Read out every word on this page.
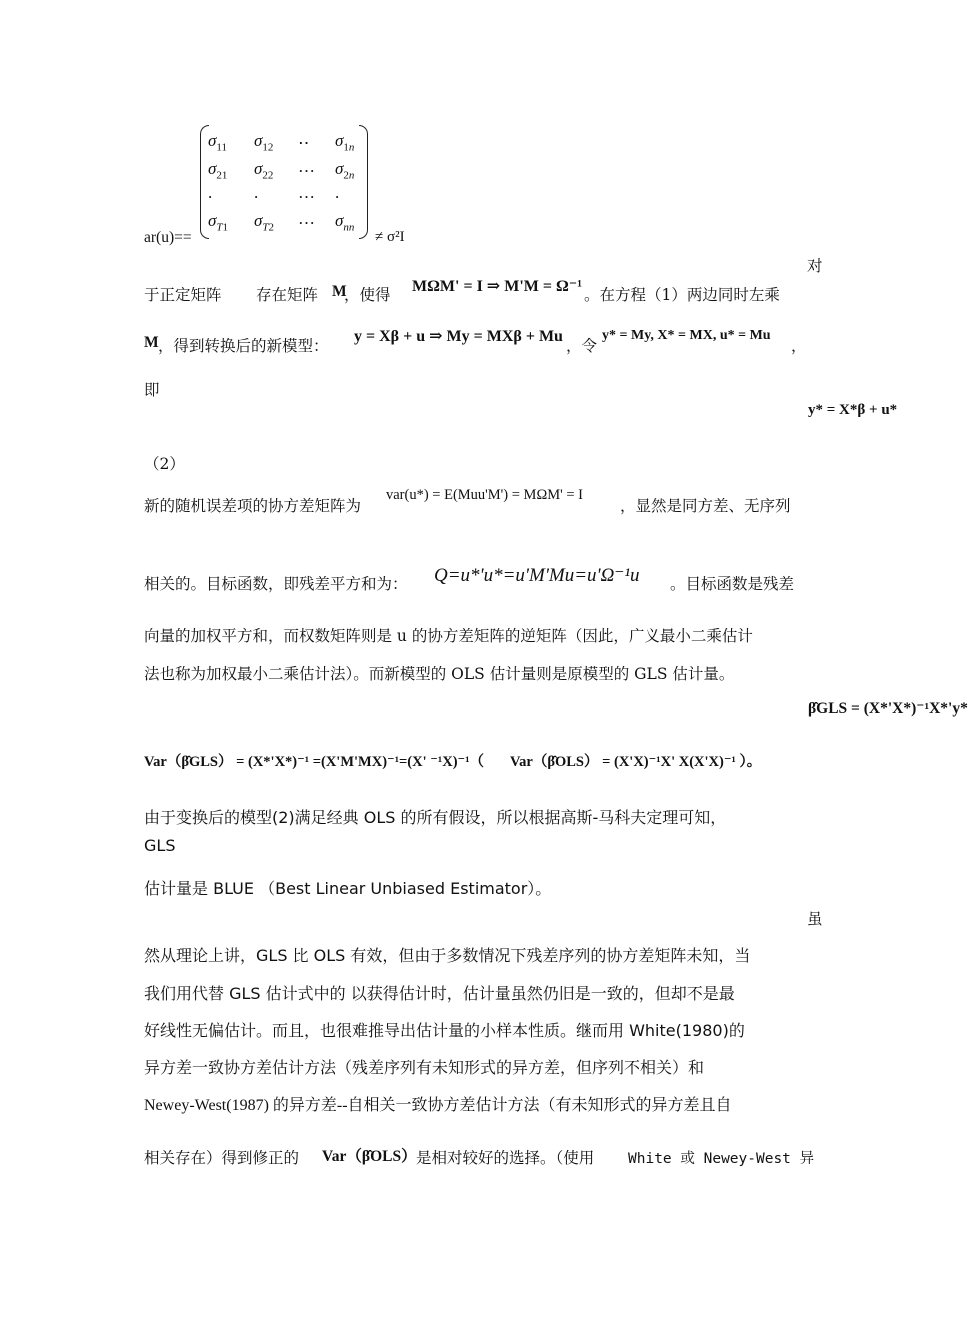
ar(u)==
$\sigma_{11}$ $\sigma_{12}$ ‥ $\sigma_{1n}$
$\sigma_{21}$ $\sigma_{22}$ … $\sigma_{2n}$
. . … .
$\sigma_{T1}$ $\sigma_{T2}$ … $\sigma_{nn}$
≠ σ²I
对
于正定矩阵 存在矩阵 M
，使得 MΩM' = I ⇒ M'M = Ω⁻¹ 。在方程（1）两边同时左乘
M ，得到转换后的新模型：
y = Xβ + u ⇒ My = MXβ + Mu
，令
y* = My, X* = MX, u* = Mu
，
即
y* = X*β + u*
（2）
新的随机误差项的协方差矩阵为
var(u*) = E(Muu'M') = MΩM' = I
，显然是同方差、无序列
相关的。目标函数，即残差平方和为： Q=u*'u*=u'M'Mu=u'Ω⁻¹u 。目标函数是残差
向量的加权平方和，而权数矩阵则是 u 的协方差矩阵的逆矩阵（因此，广义最小二乘估计
法也称为加权最小二乘估计法）。而新模型的 OLS 估计量则是原模型的 GLS 估计量。
β̂GLS = (X*'X*)⁻¹X*'y*
Var（β̂GLS） = (X*'X*)⁻¹ =(X'M'MX)⁻¹=(X' ⁻¹X)⁻¹（ Var（β̂OLS） = (X'X)⁻¹X' X(X'X)⁻¹ ）。
由于变换后的模型(2)满足经典 OLS 的所有假设，所以根据高斯-马科夫定理可知，
GLS
估计量是 BLUE （Best Linear Unbiased Estimator）。
虽
然从理论上讲，GLS 比 OLS 有效，但由于多数情况下残差序列的协方差矩阵未知，当
我们用代替 GLS 估计式中的 以获得估计时，估计量虽然仍旧是一致的，但却不是最
好线性无偏估计。而且，也很难推导出估计量的小样本性质。继而用 White(1980)的
异方差一致协方差估计方法（残差序列有未知形式的异方差，但序列不相关）和
Newey-West(1987) 的异方差--自相关一致协方差估计方法（有未知形式的异方差且自
相关存在）得到修正的 Var（β̂OLS） 是相对较好的选择。（使用 White 或 Newey-West 异
